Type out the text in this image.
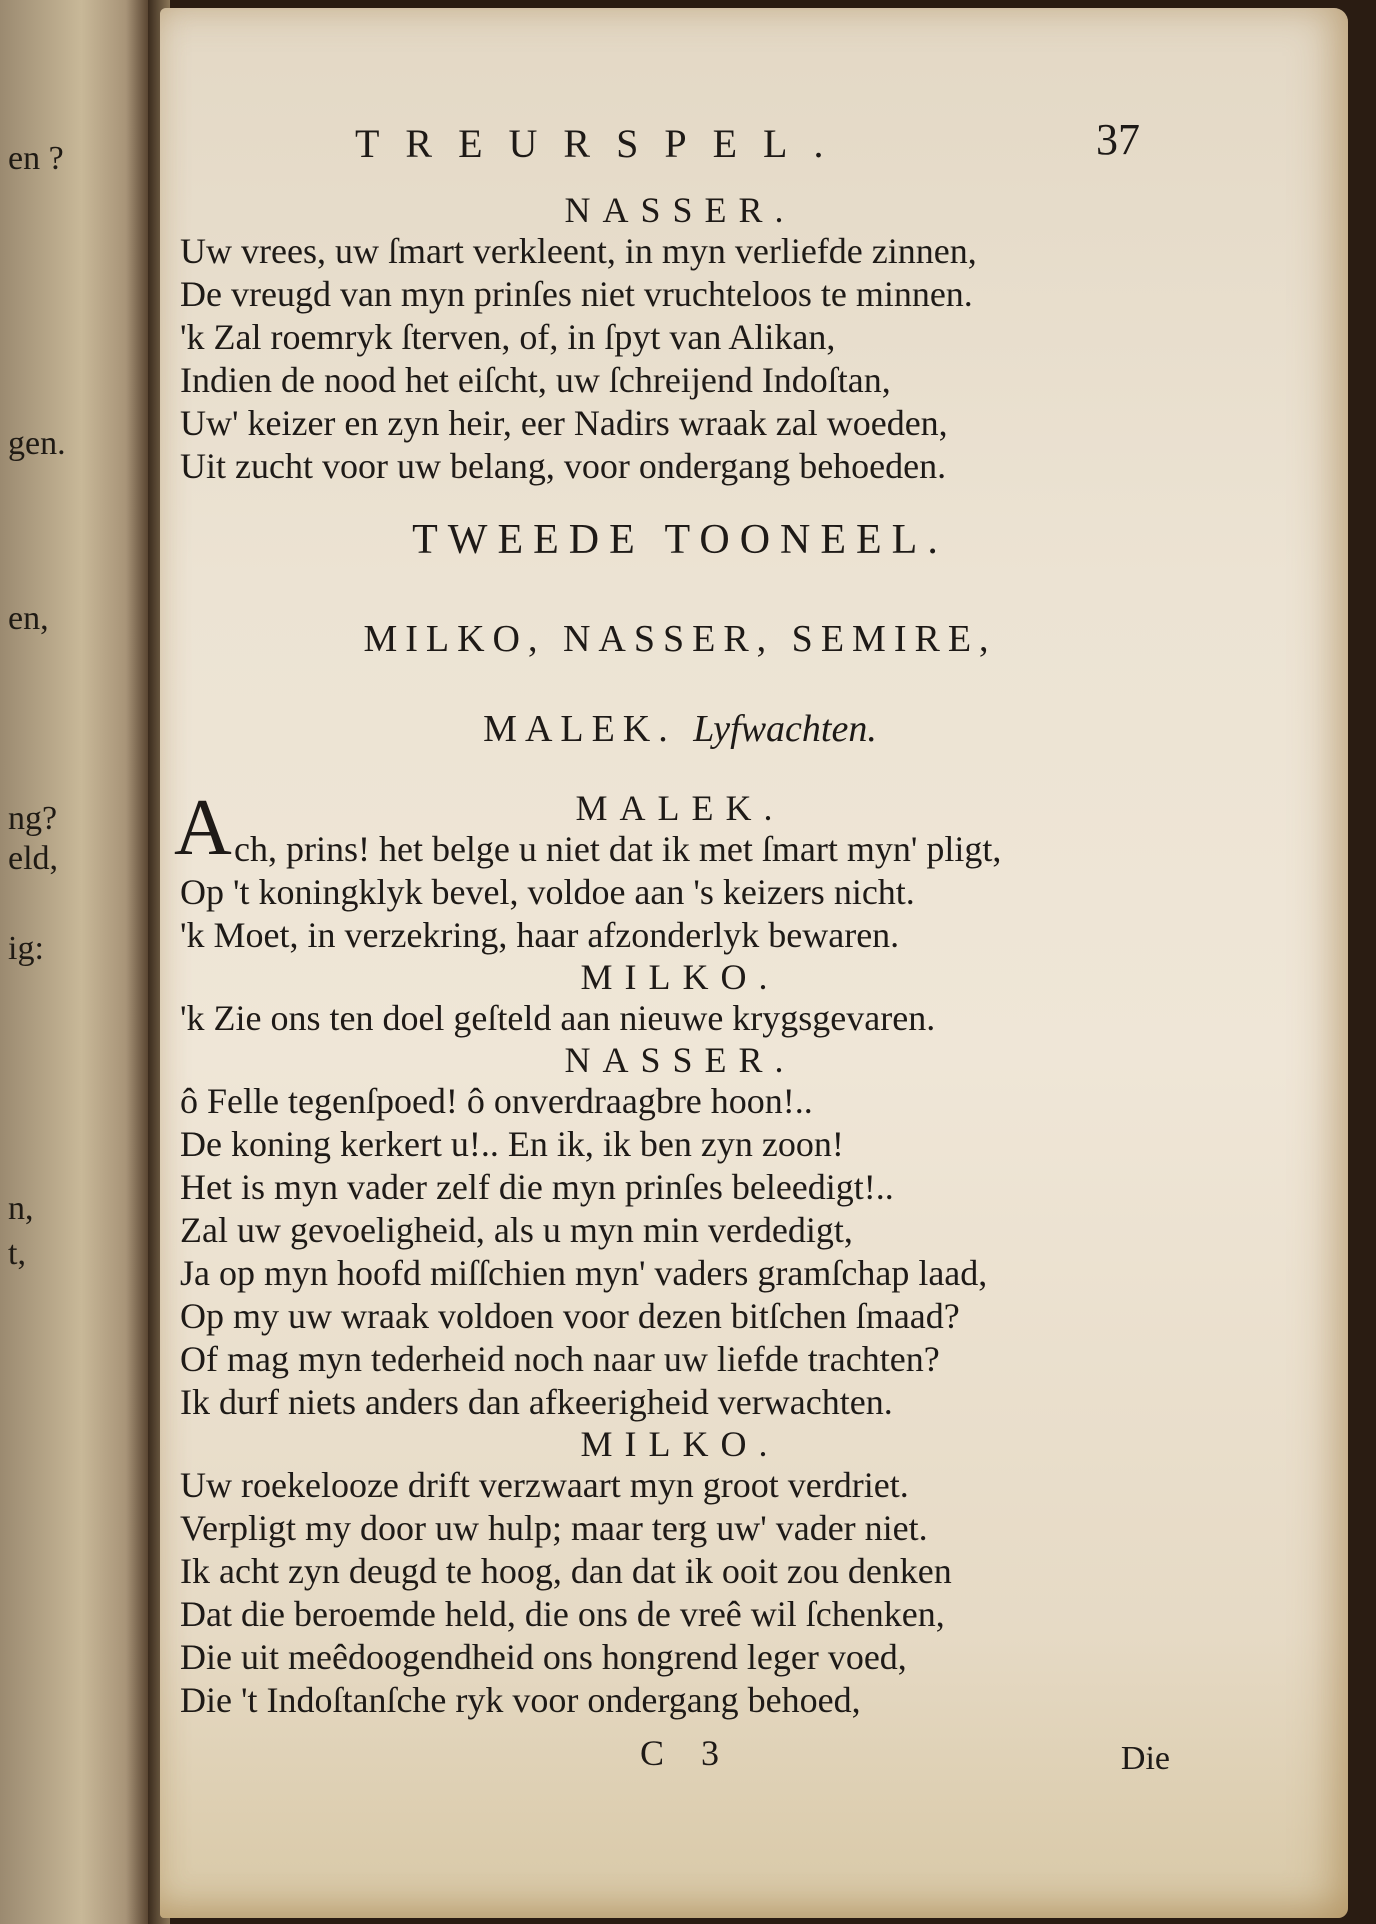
en ?
gen.
en,
ng?
eld,
ig:
n,
t,
TREURSPEL.	37

NASSER.

Uw vrees, uw ſmart verkleent, in myn verliefde zinnen,

De vreugd van myn prinſes niet vruchteloos te minnen.

'k Zal roemryk ſterven, of, in ſpyt van Alikan,

Indien de nood het eiſcht, uw ſchreijend Indoſtan,

Uw' keizer en zyn heir, eer Nadirs wraak zal woeden,

Uit zucht voor uw belang, voor ondergang behoeden.

TWEEDE TOONEEL.

MILKO, NASSER, SEMIRE,

MALEK. Lyfwachten.

A	MALEK.

ch, prins! het belge u niet dat ik met ſmart myn' pligt,

Op 't koningklyk bevel, voldoe aan 's keizers nicht.

'k Moet, in verzekring, haar afzonderlyk bewaren.

MILKO.

'k Zie ons ten doel geſteld aan nieuwe krygsgevaren.

NASSER.

ô Felle tegenſpoed! ô onverdraagbre hoon!..

De koning kerkert u!.. En ik, ik ben zyn zoon!

Het is myn vader zelf die myn prinſes beleedigt!..

Zal uw gevoeligheid, als u myn min verdedigt,

Ja op myn hoofd miſſchien myn' vaders gramſchap laad,

Op my uw wraak voldoen voor dezen bitſchen ſmaad?

Of mag myn tederheid noch naar uw liefde trachten?

Ik durf niets anders dan afkeerigheid verwachten.

MILKO.

Uw roekelooze drift verzwaart myn groot verdriet.

Verpligt my door uw hulp; maar terg uw' vader niet.

Ik acht zyn deugd te hoog, dan dat ik ooit zou denken

Dat die beroemde held, die ons de vreê wil ſchenken,

Die uit meêdoogendheid ons hongrend leger voed,

Die 't Indoſtanſche ryk voor ondergang behoed,

C 3	Die
